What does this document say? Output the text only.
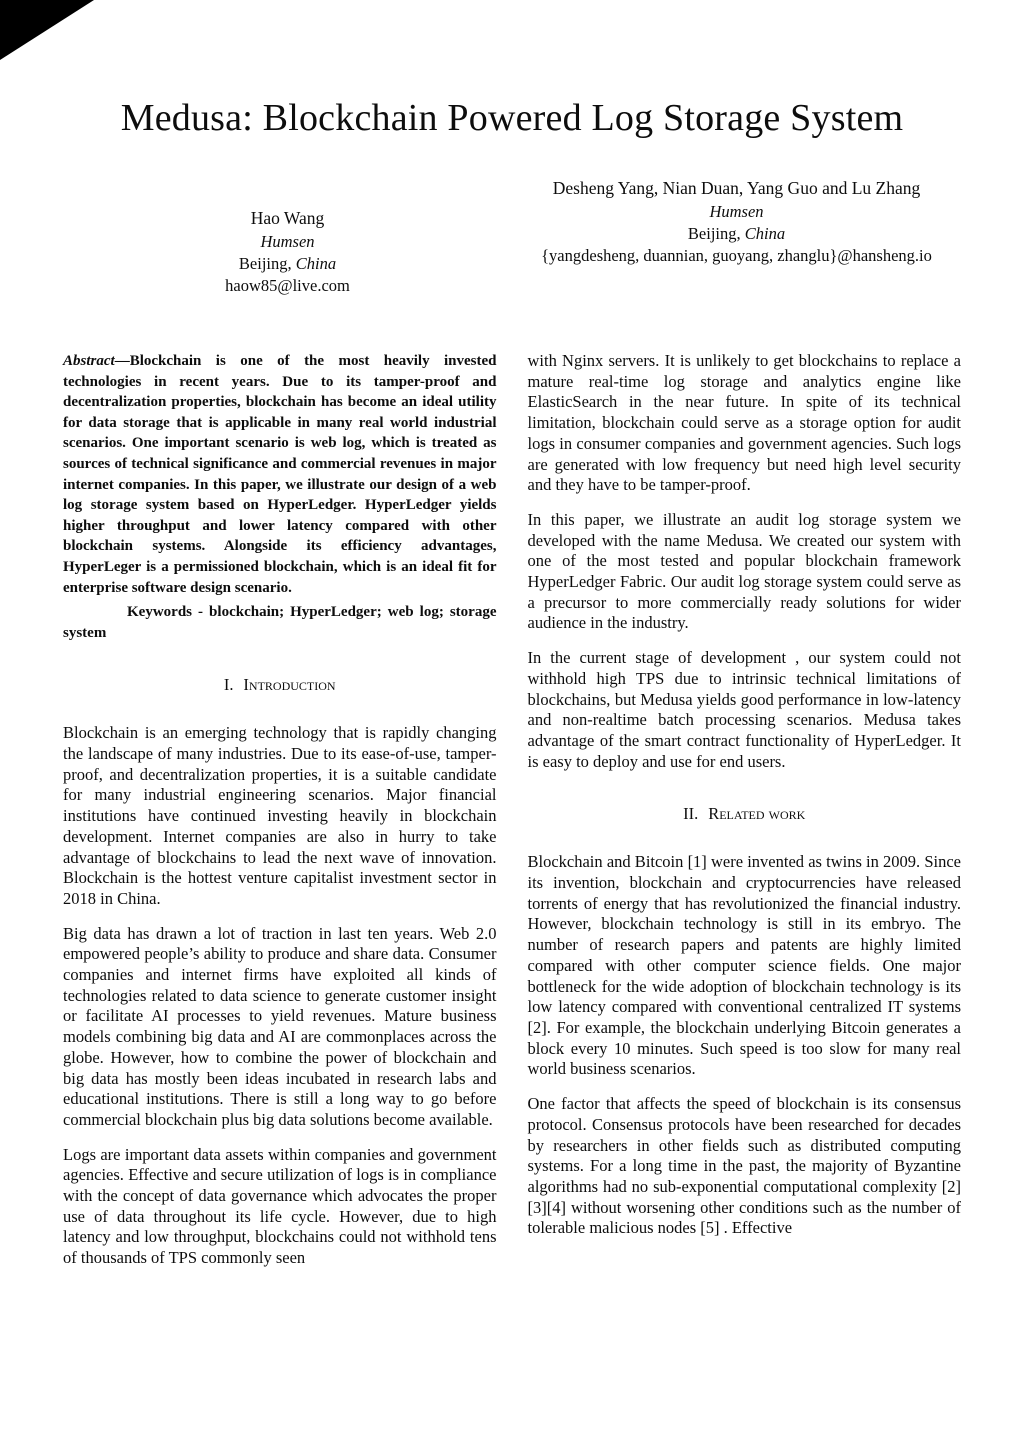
Medusa: Blockchain Powered Log Storage System
Hao Wang
Humsen
Beijing, China
haow85@live.com
Desheng Yang, Nian Duan, Yang Guo and Lu Zhang
Humsen
Beijing, China
{yangdesheng, duannian, guoyang, zhanglu}@hansheng.io

Abstract—Blockchain is one of the most heavily invested technologies in recent years. Due to its tamper-proof and decentralization properties, blockchain has become an ideal utility for data storage that is applicable in many real world industrial scenarios. One important scenario is web log, which is treated as sources of technical significance and commercial revenues in major internet companies. In this paper, we illustrate our design of a web log storage system based on HyperLedger. HyperLedger yields higher throughput and lower latency compared with other blockchain systems. Alongside its efficiency advantages, HyperLeger is a permissioned blockchain, which is an ideal fit for enterprise software design scenario.

Keywords - blockchain; HyperLedger; web log; storage system

I. Introduction

Blockchain is an emerging technology that is rapidly changing the landscape of many industries. Due to its ease-of-use, tamper-proof, and decentralization properties, it is a suitable candidate for many industrial engineering scenarios. Major financial institutions have continued investing heavily in blockchain development. Internet companies are also in hurry to take advantage of blockchains to lead the next wave of innovation. Blockchain is the hottest venture capitalist investment sector in 2018 in China.

Big data has drawn a lot of traction in last ten years. Web 2.0 empowered people’s ability to produce and share data. Consumer companies and internet firms have exploited all kinds of technologies related to data science to generate customer insight or facilitate AI processes to yield revenues. Mature business models combining big data and AI are commonplaces across the globe. However, how to combine the power of blockchain and big data has mostly been ideas incubated in research labs and educational institutions. There is still a long way to go before commercial blockchain plus big data solutions become available.

Logs are important data assets within companies and government agencies. Effective and secure utilization of logs is in compliance with the concept of data governance which advocates the proper use of data throughout its life cycle. However, due to high latency and low throughput, blockchains could not withhold tens of thousands of TPS commonly seen

with Nginx servers. It is unlikely to get blockchains to replace a mature real-time log storage and analytics engine like ElasticSearch in the near future. In spite of its technical limitation, blockchain could serve as a storage option for audit logs in consumer companies and government agencies. Such logs are generated with low frequency but need high level security and they have to be tamper-proof.

In this paper, we illustrate an audit log storage system we developed with the name Medusa. We created our system with one of the most tested and popular blockchain framework HyperLedger Fabric. Our audit log storage system could serve as a precursor to more commercially ready solutions for wider audience in the industry.

In the current stage of development , our system could not withhold high TPS due to intrinsic technical limitations of blockchains, but Medusa yields good performance in low-latency and non-realtime batch processing scenarios. Medusa takes advantage of the smart contract functionality of HyperLedger. It is easy to deploy and use for end users.

II. Related work

Blockchain and Bitcoin [1] were invented as twins in 2009. Since its invention, blockchain and cryptocurrencies have released torrents of energy that has revolutionized the financial industry. However, blockchain technology is still in its embryo. The number of research papers and patents are highly limited compared with other computer science fields. One major bottleneck for the wide adoption of blockchain technology is its low latency compared with conventional centralized IT systems [2]. For example, the blockchain underlying Bitcoin generates a block every 10 minutes. Such speed is too slow for many real world business scenarios.

One factor that affects the speed of blockchain is its consensus protocol. Consensus protocols have been researched for decades by researchers in other fields such as distributed computing systems. For a long time in the past, the majority of Byzantine algorithms had no sub-exponential computational complexity [2][3][4] without worsening other conditions such as the number of tolerable malicious nodes [5] . Effective
